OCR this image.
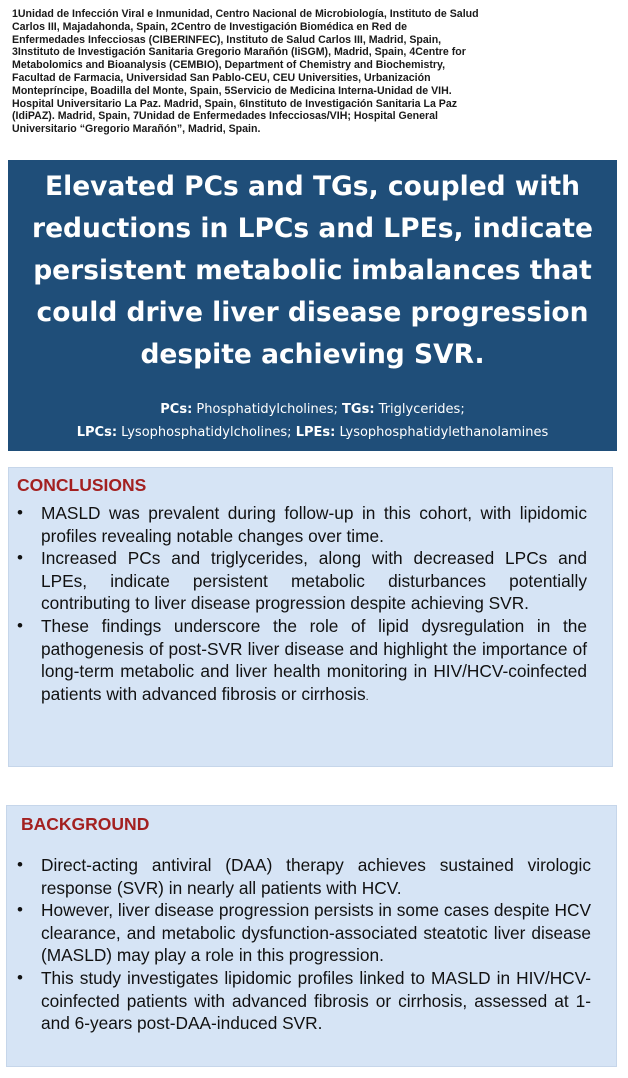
1Unidad de Infección Viral e Inmunidad, Centro Nacional de Microbiología, Instituto de Salud Carlos III, Majadahonda, Spain, 2Centro de Investigación Biomédica en Red de Enfermedades Infecciosas (CIBERINFEC), Instituto de Salud Carlos III, Madrid, Spain, 3Instituto de Investigación Sanitaria Gregorio Marañón (IiSGM), Madrid, Spain, 4Centre for Metabolomics and Bioanalysis (CEMBIO), Department of Chemistry and Biochemistry, Facultad de Farmacia, Universidad San Pablo-CEU, CEU Universities, Urbanización Montepríncipe, Boadilla del Monte, Spain, 5Servicio de Medicina Interna-Unidad de VIH. Hospital Universitario La Paz. Madrid, Spain, 6Instituto de Investigación Sanitaria La Paz (IdiPAZ). Madrid, Spain, 7Unidad de Enfermedades Infecciosas/VIH; Hospital General Universitario “Gregorio Marañón”, Madrid, Spain.
Elevated PCs and TGs, coupled with reductions in LPCs and LPEs, indicate persistent metabolic imbalances that could drive liver disease progression despite achieving SVR.
PCs: Phosphatidylcholines; TGs: Triglycerides;
LPCs: Lysophosphatidylcholines; LPEs: Lysophosphatidylethanolamines
CONCLUSIONS
• MASLD was prevalent during follow-up in this cohort, with lipidomic profiles revealing notable changes over time.
• Increased PCs and triglycerides, along with decreased LPCs and LPEs, indicate persistent metabolic disturbances potentially contributing to liver disease progression despite achieving SVR.
• These findings underscore the role of lipid dysregulation in the pathogenesis of post-SVR liver disease and highlight the importance of long-term metabolic and liver health monitoring in HIV/HCV-coinfected patients with advanced fibrosis or cirrhosis.
BACKGROUND
• Direct-acting antiviral (DAA) therapy achieves sustained virologic response (SVR) in nearly all patients with HCV.
• However, liver disease progression persists in some cases despite HCV clearance, and metabolic dysfunction-associated steatotic liver disease (MASLD) may play a role in this progression.
• This study investigates lipidomic profiles linked to MASLD in HIV/HCV-coinfected patients with advanced fibrosis or cirrhosis, assessed at 1- and 6-years post-DAA-induced SVR.
